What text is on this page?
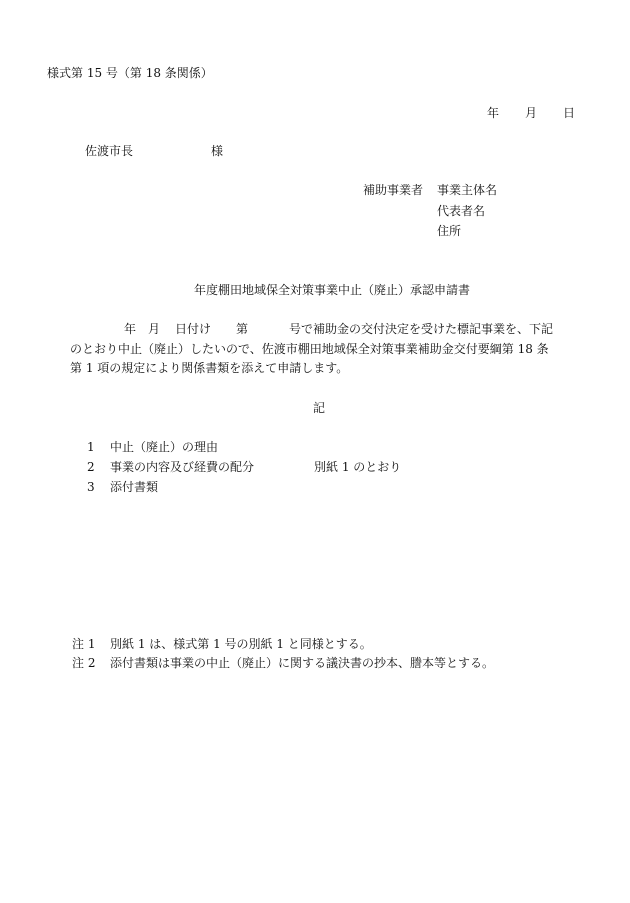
様式第 15 号（第 18 条関係）
年 月 日
佐渡市長	様
補助事業者 事業主体名
代表者名
住所
年度棚田地域保全対策事業中止（廃止）承認申請書
年 月 日付け 第	号で補助金の交付決定を受けた標記事業を、下記
のとおり中止（廃止）したいので、佐渡市棚田地域保全対策事業補助金交付要綱第 18 条
第 1 項の規定により関係書類を添えて申請します。
記
1 中止（廃止）の理由
2 事業の内容及び経費の配分	別紙 1 のとおり
3 添付書類
注 1 別紙 1 は、様式第 1 号の別紙 1 と同様とする。
注 2 添付書類は事業の中止（廃止）に関する議決書の抄本、謄本等とする。
